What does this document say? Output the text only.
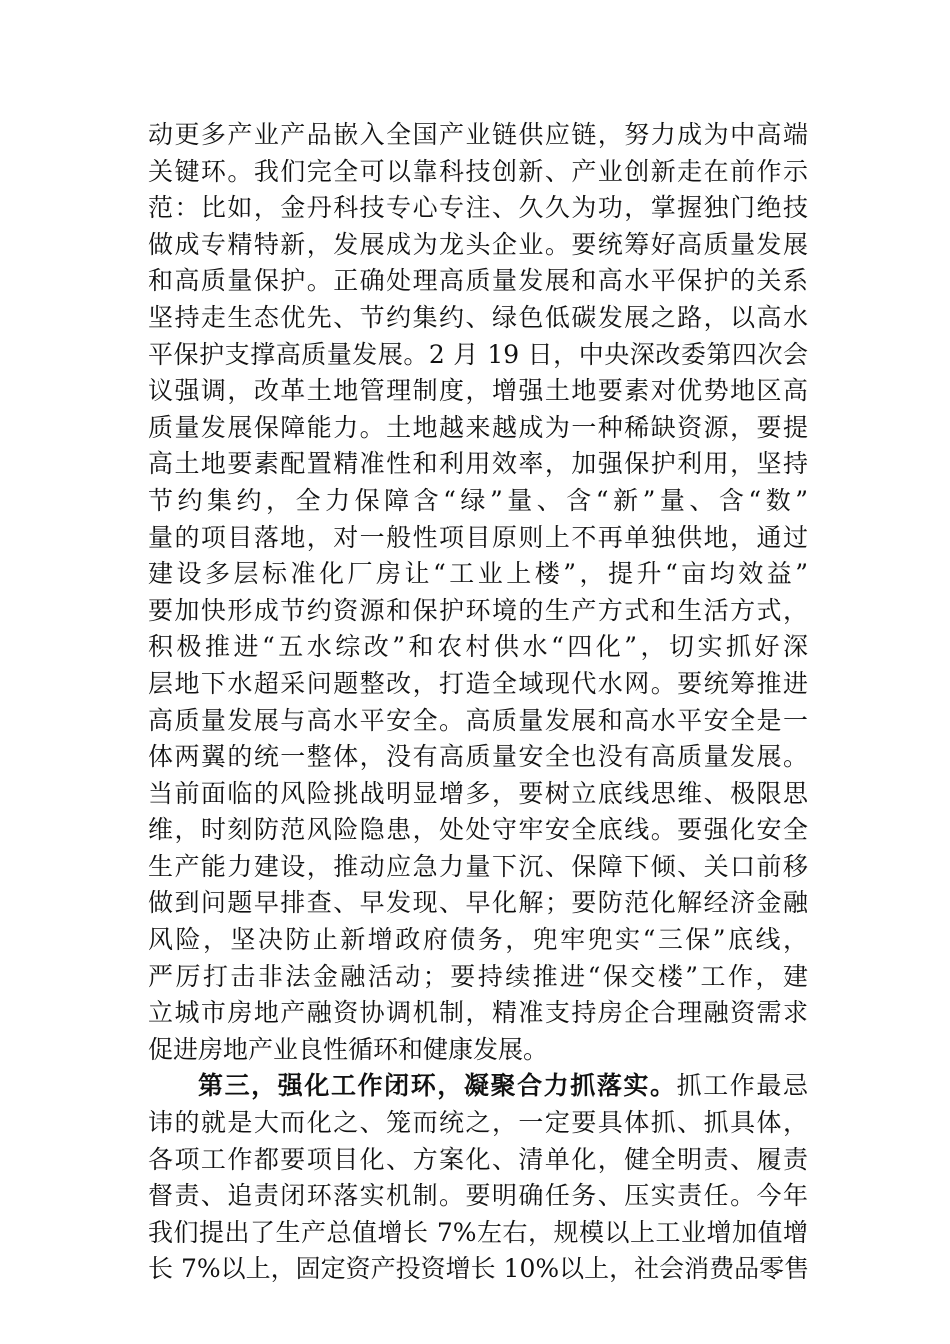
动更多产业产品嵌入全国产业链供应链，努力成为中高端
关键环。我们完全可以靠科技创新、产业创新走在前作示
范：比如，金丹科技专心专注、久久为功，掌握独门绝技
做成专精特新，发展成为龙头企业。要统筹好高质量发展
和高质量保护。正确处理高质量发展和高水平保护的关系
坚持走生态优先、节约集约、绿色低碳发展之路，以高水
平保护支撑高质量发展。2 月 19 日，中央深改委第四次会
议强调，改革土地管理制度，增强土地要素对优势地区高
质量发展保障能力。土地越来越成为一种稀缺资源，要提
高土地要素配置精准性和利用效率，加强保护利用，坚持
节约集约，全力保障含“绿”量、含“新”量、含“数”
量的项目落地，对一般性项目原则上不再单独供地，通过
建设多层标准化厂房让“工业上楼”，提升“亩均效益”
要加快形成节约资源和保护环境的生产方式和生活方式，
积极推进“五水综改”和农村供水“四化”，切实抓好深
层地下水超采问题整改，打造全域现代水网。要统筹推进
高质量发展与高水平安全。高质量发展和高水平安全是一
体两翼的统一整体，没有高质量安全也没有高质量发展。
当前面临的风险挑战明显增多，要树立底线思维、极限思
维，时刻防范风险隐患，处处守牢安全底线。要强化安全
生产能力建设，推动应急力量下沉、保障下倾、关口前移
做到问题早排查、早发现、早化解；要防范化解经济金融
风险，坚决防止新增政府债务，兜牢兜实“三保”底线，
严厉打击非法金融活动；要持续推进“保交楼”工作，建
立城市房地产融资协调机制，精准支持房企合理融资需求
促进房地产业良性循环和健康发展。
第三，强化工作闭环，凝聚合力抓落实。抓工作最忌
讳的就是大而化之、笼而统之，一定要具体抓、抓具体，
各项工作都要项目化、方案化、清单化，健全明责、履责
督责、追责闭环落实机制。要明确任务、压实责任。今年
我们提出了生产总值增长 7%左右，规模以上工业增加值增
长 7%以上，固定资产投资增长 10%以上，社会消费品零售
